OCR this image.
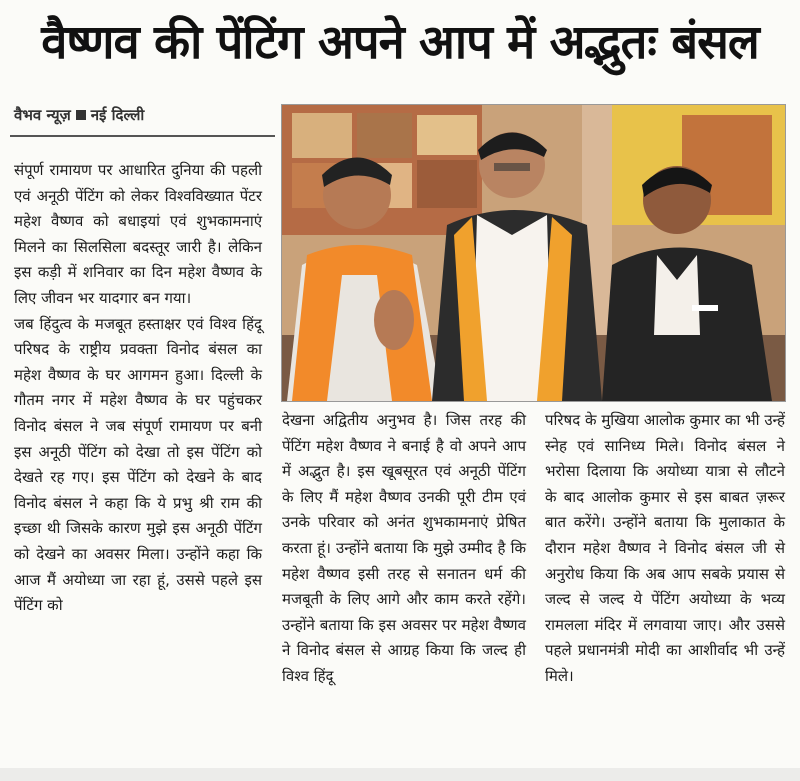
वैष्णव की पेंटिंग अपने आप में अद्भुतः बंसल
वैभव न्यूज़ नई दिल्ली

संपूर्ण रामायण पर आधारित दुनिया की पहली एवं अनूठी पेंटिंग को लेकर विश्वविख्यात पेंटर महेश वैष्णव को बधाइयां एवं शुभकामनाएं मिलने का सिलसिला बदस्तूर जारी है। लेकिन इस कड़ी में शनिवार का दिन महेश वैष्णव के लिए जीवन भर यादगार बन गया।

जब हिंदुत्व के मजबूत हस्ताक्षर एवं विश्व हिंदू परिषद के राष्ट्रीय प्रवक्ता विनोद बंसल का महेश वैष्णव के घर आगमन हुआ। दिल्ली के गौतम नगर में महेश वैष्णव के घर पहुंचकर विनोद बंसल ने जब संपूर्ण रामायण पर बनी इस अनूठी पेंटिंग को देखा तो इस पेंटिंग को देखते रह गए। इस पेंटिंग को देखने के बाद विनोद बंसल ने कहा कि ये प्रभु श्री राम की इच्छा थी जिसके कारण मुझे इस अनूठी पेंटिंग को देखने का अवसर मिला। उन्होंने कहा कि आज मैं अयोध्या जा रहा हूं, उससे पहले इस पेंटिंग को

देखना अद्वितीय अनुभव है। जिस तरह की पेंटिंग महेश वैष्णव ने बनाई है वो अपने आप में अद्भुत है। इस खूबसूरत एवं अनूठी पेंटिंग के लिए मैं महेश वैष्णव उनकी पूरी टीम एवं उनके परिवार को अनंत शुभकामनाएं प्रेषित करता हूं। उन्होंने बताया कि मुझे उम्मीद है कि महेश वैष्णव इसी तरह से सनातन धर्म की मजबूती के लिए आगे और काम करते रहेंगे। उन्होंने बताया कि इस अवसर पर महेश वैष्णव ने विनोद बंसल से आग्रह किया कि जल्द ही विश्व हिंदू

परिषद के मुखिया आलोक कुमार का भी उन्हें स्नेह एवं सानिध्य मिले। विनोद बंसल ने भरोसा दिलाया कि अयोध्या यात्रा से लौटने के बाद आलोक कुमार से इस बाबत ज़रूर बात करेंगे। उन्होंने बताया कि मुलाकात के दौरान महेश वैष्णव ने विनोद बंसल जी से अनुरोध किया कि अब आप सबके प्रयास से जल्द से जल्द ये पेंटिंग अयोध्या के भव्य रामलला मंदिर में लगवाया जाए। और उससे पहले प्रधानमंत्री मोदी का आशीर्वाद भी उन्हें मिले।
